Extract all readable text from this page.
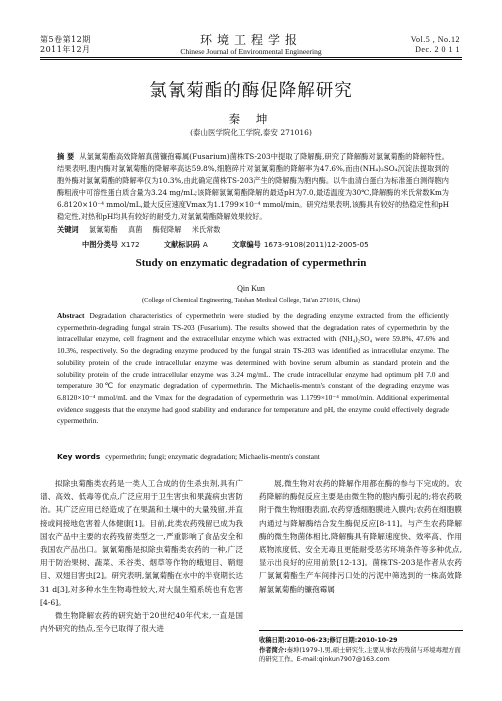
第5卷第12期
2011年12月
环境工程学报
Chinese Journal of Environmental Engineering
Vol.5 , No.12
Dec. 2 0 1 1
氯氰菊酯的酶促降解研究
秦 坤
(泰山医学院化工学院,泰安 271016)
摘 要 从氯氰菊酯高效降解真菌镰孢霉属(Fusarium)菌株TS-203中提取了降解酶,研究了降解酶对氯氰菊酯的降解特性。结果表明,胞内酶对氯氰菊酯的降解率高达59.8%,细胞碎片对氯氰菊酯的降解率为47.6%,而由(NH₄)₂SO₄沉淀法提取到的胞外酶对氯氰菊酯的降解率仅为10.3%,由此确定菌株TS-203产生的降解酶为胞内酶。以牛血清白蛋白为标准蛋白测得胞内酶粗液中可溶性蛋白质含量为3.24 mg/mL;该降解氯氰菊酯降解的最适pH为7.0,最适温度为30℃,降解酶的米氏常数Km为6.8120×10⁻⁴ mmol/mL,最大反应速度Vmax为1.1799×10⁻⁴ mmol/min。研究结果表明,该酶具有较好的热稳定性和pH稳定性,对热和pH均具有较好的耐受力,对氯氰菊酯降解效果较好。
关键词 氯氰菊酯 真菌 酶促降解 米氏常数
中图分类号 X172	文献标识码 A	文章编号 1673-9108(2011)12-2005-05
Study on enzymatic degradation of cypermethrin
Qin Kun
(College of Chemical Engineering, Taishan Medical College, Tai'an 271016, China)
Abstract Degradation characteristics of cypermethrin were studied by the degrading enzyme extracted from the efficiently cypermethrin-degrading fungal strain TS-203 (Fusarium). The results showed that the degradation rates of cypermethrin by the intracellular enzyme, cell fragment and the extracellular enzyme which was extracted with (NH₄)₂SO₄ were 59.8%, 47.6% and 10.3%, respectively. So the degrading enzyme produced by the fungal strain TS-203 was identified as intracellular enzyme. The solubility protein of the crude intracellular enzyme was determined with bovine serum albumin as standard protein and the solubility protein of the crude intracellular enzyme was 3.24 mg/mL. The crude intracellular enzyme had optimum pH 7.0 and temperature 30℃ for enzymatic degradation of cypermethrin. The Michaelis-mentn's constant of the degrading enzyme was 6.8120×10⁻⁴ mmol/mL and the Vmax for the degradation of cypermethrin was 1.1799×10⁻⁴ mmol/min. Additional experimental evidence suggests that the enzyme had good stability and endurance for temperature and pH, the enzyme could effectively degrade cypermethrin.
Key words cypermethrin; fungi; enzymatic degradation; Michaelis-mentn's constant

拟除虫菊酯类农药是一类人工合成的仿生杀虫剂,具有广谱、高效、低毒等优点,广泛应用于卫生害虫和果蔬病虫害防治。其广泛应用已经造成了在果蔬和土壤中的大量残留,并直接或间接地危害着人体健康[1]。目前,此类农药残留已成为我国农产品中主要的农药残留类型之一,严重影响了食品安全和我国农产品出口。氯氰菊酯是拟除虫菊酯类农药的一种,广泛用于防治果树、蔬菜、禾谷类、烟草等作物的蛾翅目、鞘翅目、双翅目害虫[2]。研究表明,氯氰菊酯在水中的半衰期长达31 d[3],对多种水生生物毒性较大,对大鼠生殖系统也有危害[4-6]。

微生物降解农药的研究始于20世纪40年代末,一直是国内外研究的热点,至今已取得了很大进

展,微生物对农药的降解作用都在酶的参与下完成的。农药降解的酶促反应主要是由微生物的胞内酶引起的;将农药吸附于微生物细胞表面,农药穿透细胞膜进入膜内;农药在细胞膜内通过与降解酶结合发生酶促反应[8-11]。与产生农药降解酶的微生物菌体相比,降解酶具有降解速度快、效率高、作用底物浓度低、安全无毒且更能耐受恶劣环境条件等多种优点,显示出良好的应用前景[12-13]。菌株TS-203是作者从农药厂氯氰菊酯生产车间排污口处的污泥中筛选到的一株高效降解氯氰菊酯的镰孢霉属

收稿日期:2010-06-23;修订日期:2010-10-29
作者简介:秦坤(1979-),男,硕士研究生,主要从事农药残留与环境毒理方面的研究工作。E-mail:qinkun7907@163.com
